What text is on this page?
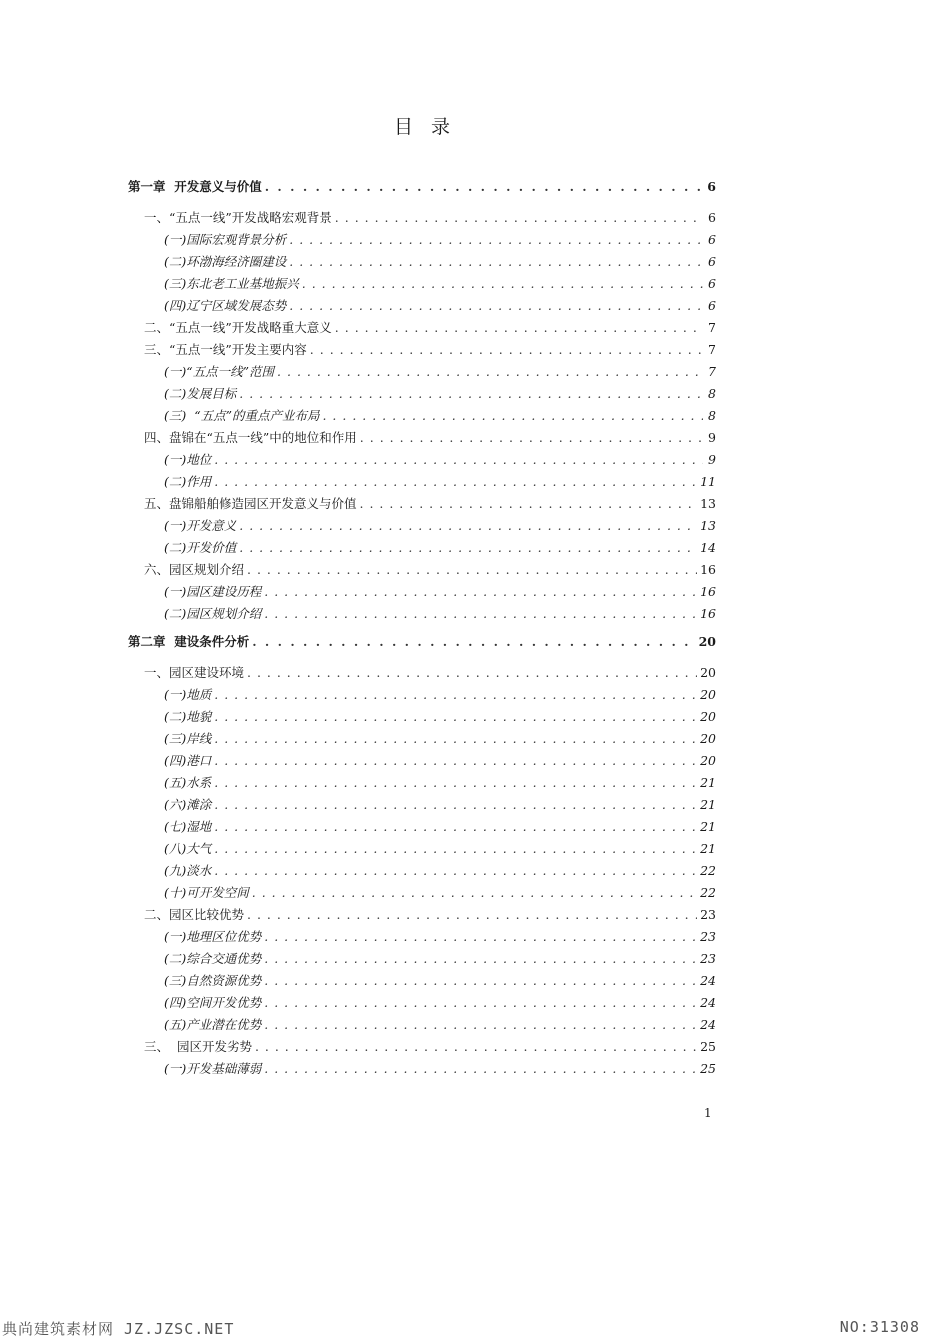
目 录
第一章  开发意义与价值 . . .	6
一、“五点一线”开发战略宏观背景 . . .	6
(一)国际宏观背景分析 . . .	6
(二)环渤海经济圈建设 . . .	6
(三)东北老工业基地振兴 . . .	6
(四)辽宁区域发展态势 . . .	6
二、“五点一线”开发战略重大意义 . . .	7
三、“五点一线”开发主要内容 . . .	7
(一)“五点一线”范围 . . .	7
(二)发展目标 . . .	8
(三)  “五点”的重点产业布局 . . .	8
四、盘锦在“五点一线”中的地位和作用 . . .	9
(一)地位 . . .	9
(二)作用 . . .	11
五、盘锦船舶修造园区开发意义与价值 . . .	13
(一)开发意义 . . .	13
(二)开发价值 . . .	14
六、园区规划介绍 . . .	16
(一)园区建设历程 . . .	16
(二)园区规划介绍 . . .	16
第二章  建设条件分析 . . .	20
一、园区建设环境 . . .	20
(一)地质 . . .	20
(二)地貌 . . .	20
(三)岸线 . . .	20
(四)港口 . . .	20
(五)水系 . . .	21
(六)滩涂 . . .	21
(七)湿地 . . .	21
(八)大气 . . .	21
(九)淡水 . . .	22
(十)可开发空间 . . .	22
二、园区比较优势 . . .	23
(一)地理区位优势 . . .	23
(二)综合交通优势 . . .	23
(三)自然资源优势 . . .	24
(四)空间开发优势 . . .	24
(五)产业潜在优势 . . .	24
三、  园区开发劣势 . . .	25
(一)开发基础薄弱 . . .	25
1
典尚建筑素材网 JZ.JZSC.NET	NO:31308
